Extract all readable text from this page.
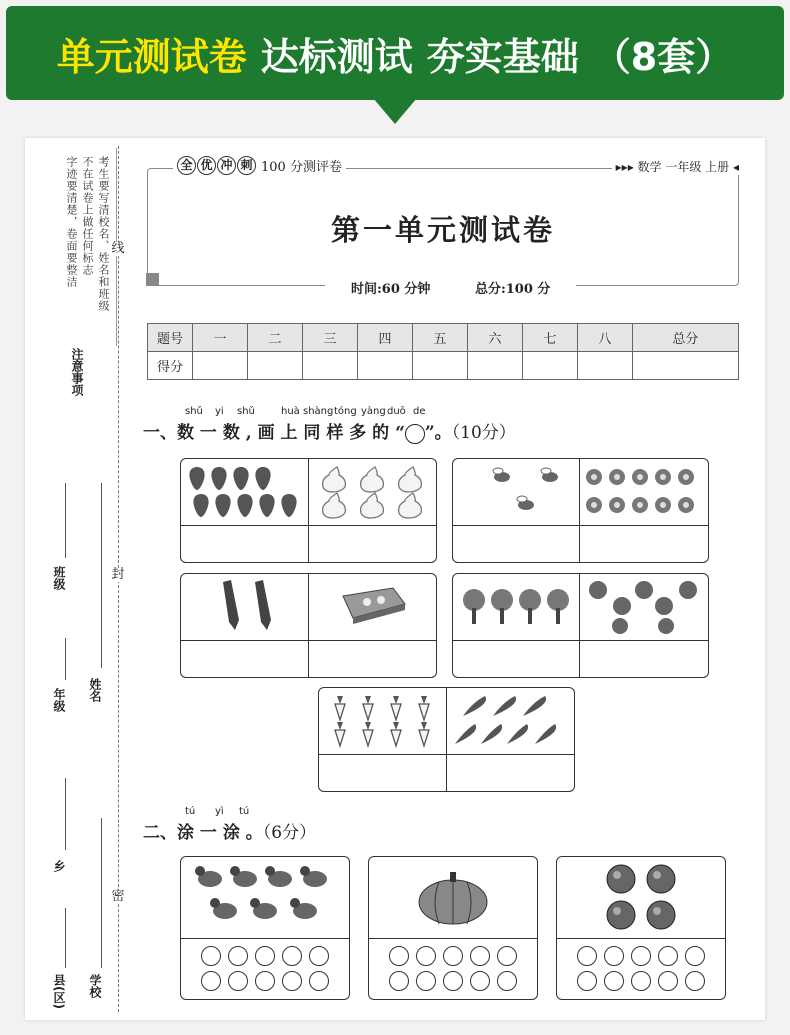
单元测试卷 达标测试 夯实基础 （8套）
考生要写清校名、姓名和班级
不在试卷上做任何标志
字迹要清楚，卷面要整洁
注意事项
线
封
密
班级
年级 姓名
乡
县(区) 学校
全 优 冲 刺 100 分测评卷	▸▸▸ 数学 一年级 上册 ◂
第一单元测试卷
时间:60 分钟	总分:100 分
题号	一	二	三	四	五	六	七	八	总分
得分									
shǔ yi shǔ	huà shàng tóng yàng duō de
一、数 一 数 , 画 上 同 样 多 的 “ ”。（10分）
tú yì tú
二、涂 一 涂 。（6分）
